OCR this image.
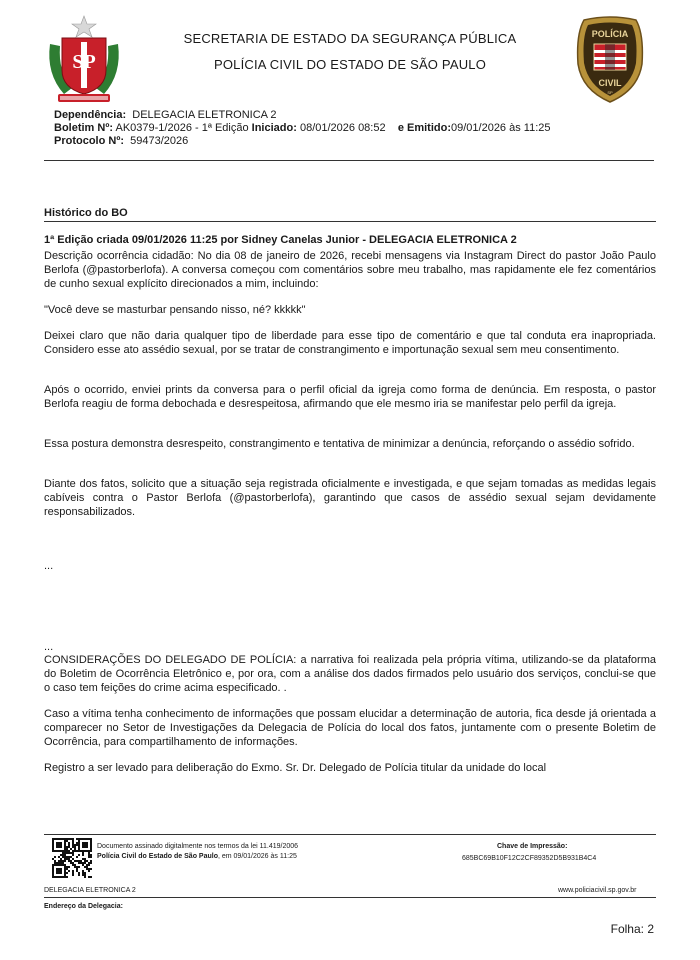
SP
SECRETARIA DE ESTADO DA SEGURANÇA PÚBLICA
POLÍCIA CIVIL DO ESTADO DE SÃO PAULO
POLÍCIA
CIVIL
SP
Dependência: DELEGACIA ELETRONICA 2
Boletim Nº: AK0379-1/2026 - 1ª Edição Iniciado: 08/01/2026 08:52 e Emitido:09/01/2026 às 11:25
Protocolo Nº: 59473/2026
Histórico do BO
1ª Edição criada 09/01/2026 11:25 por Sidney Canelas Junior - DELEGACIA ELETRONICA 2

Descrição ocorrência cidadão: No dia 08 de janeiro de 2026, recebi mensagens via Instagram Direct do pastor João Paulo Berlofa (@pastorberlofa). A conversa começou com comentários sobre meu trabalho, mas rapidamente ele fez comentários de cunho sexual explícito direcionados a mim, incluindo:

"Você deve se masturbar pensando nisso, né? kkkkk"

Deixei claro que não daria qualquer tipo de liberdade para esse tipo de comentário e que tal conduta era inapropriada. Considero esse ato assédio sexual, por se tratar de constrangimento e importunação sexual sem meu consentimento.

Após o ocorrido, enviei prints da conversa para o perfil oficial da igreja como forma de denúncia. Em resposta, o pastor Berlofa reagiu de forma debochada e desrespeitosa, afirmando que ele mesmo iria se manifestar pelo perfil da igreja.

Essa postura demonstra desrespeito, constrangimento e tentativa de minimizar a denúncia, reforçando o assédio sofrido.

Diante dos fatos, solicito que a situação seja registrada oficialmente e investigada, e que sejam tomadas as medidas legais cabíveis contra o Pastor Berlofa (@pastorberlofa), garantindo que casos de assédio sexual sejam devidamente responsabilizados.

...

...

CONSIDERAÇÕES DO DELEGADO DE POLÍCIA: a narrativa foi realizada pela própria vítima, utilizando-se da plataforma do Boletim de Ocorrência Eletrônico e, por ora, com a análise dos dados firmados pelo usuário dos serviços, conclui-se que o caso tem feições do crime acima especificado. .

Caso a vítima tenha conhecimento de informações que possam elucidar a determinação de autoria, fica desde já orientada a comparecer no Setor de Investigações da Delegacia de Polícia do local dos fatos, juntamente com o presente Boletim de Ocorrência, para compartilhamento de informações.

Registro a ser levado para deliberação do Exmo. Sr. Dr. Delegado de Polícia titular da unidade do local

Documento assinado digitalmente nos termos da lei 11.419/2006
Polícia Civil do Estado de São Paulo, em 09/01/2026 às 11:25
Chave de Impressão:
685BC69B10F12C2CF89352D5B931B4C4
DELEGACIA ELETRONICA 2	www.policiacivil.sp.gov.br
Endereço da Delegacia:
Folha: 2
